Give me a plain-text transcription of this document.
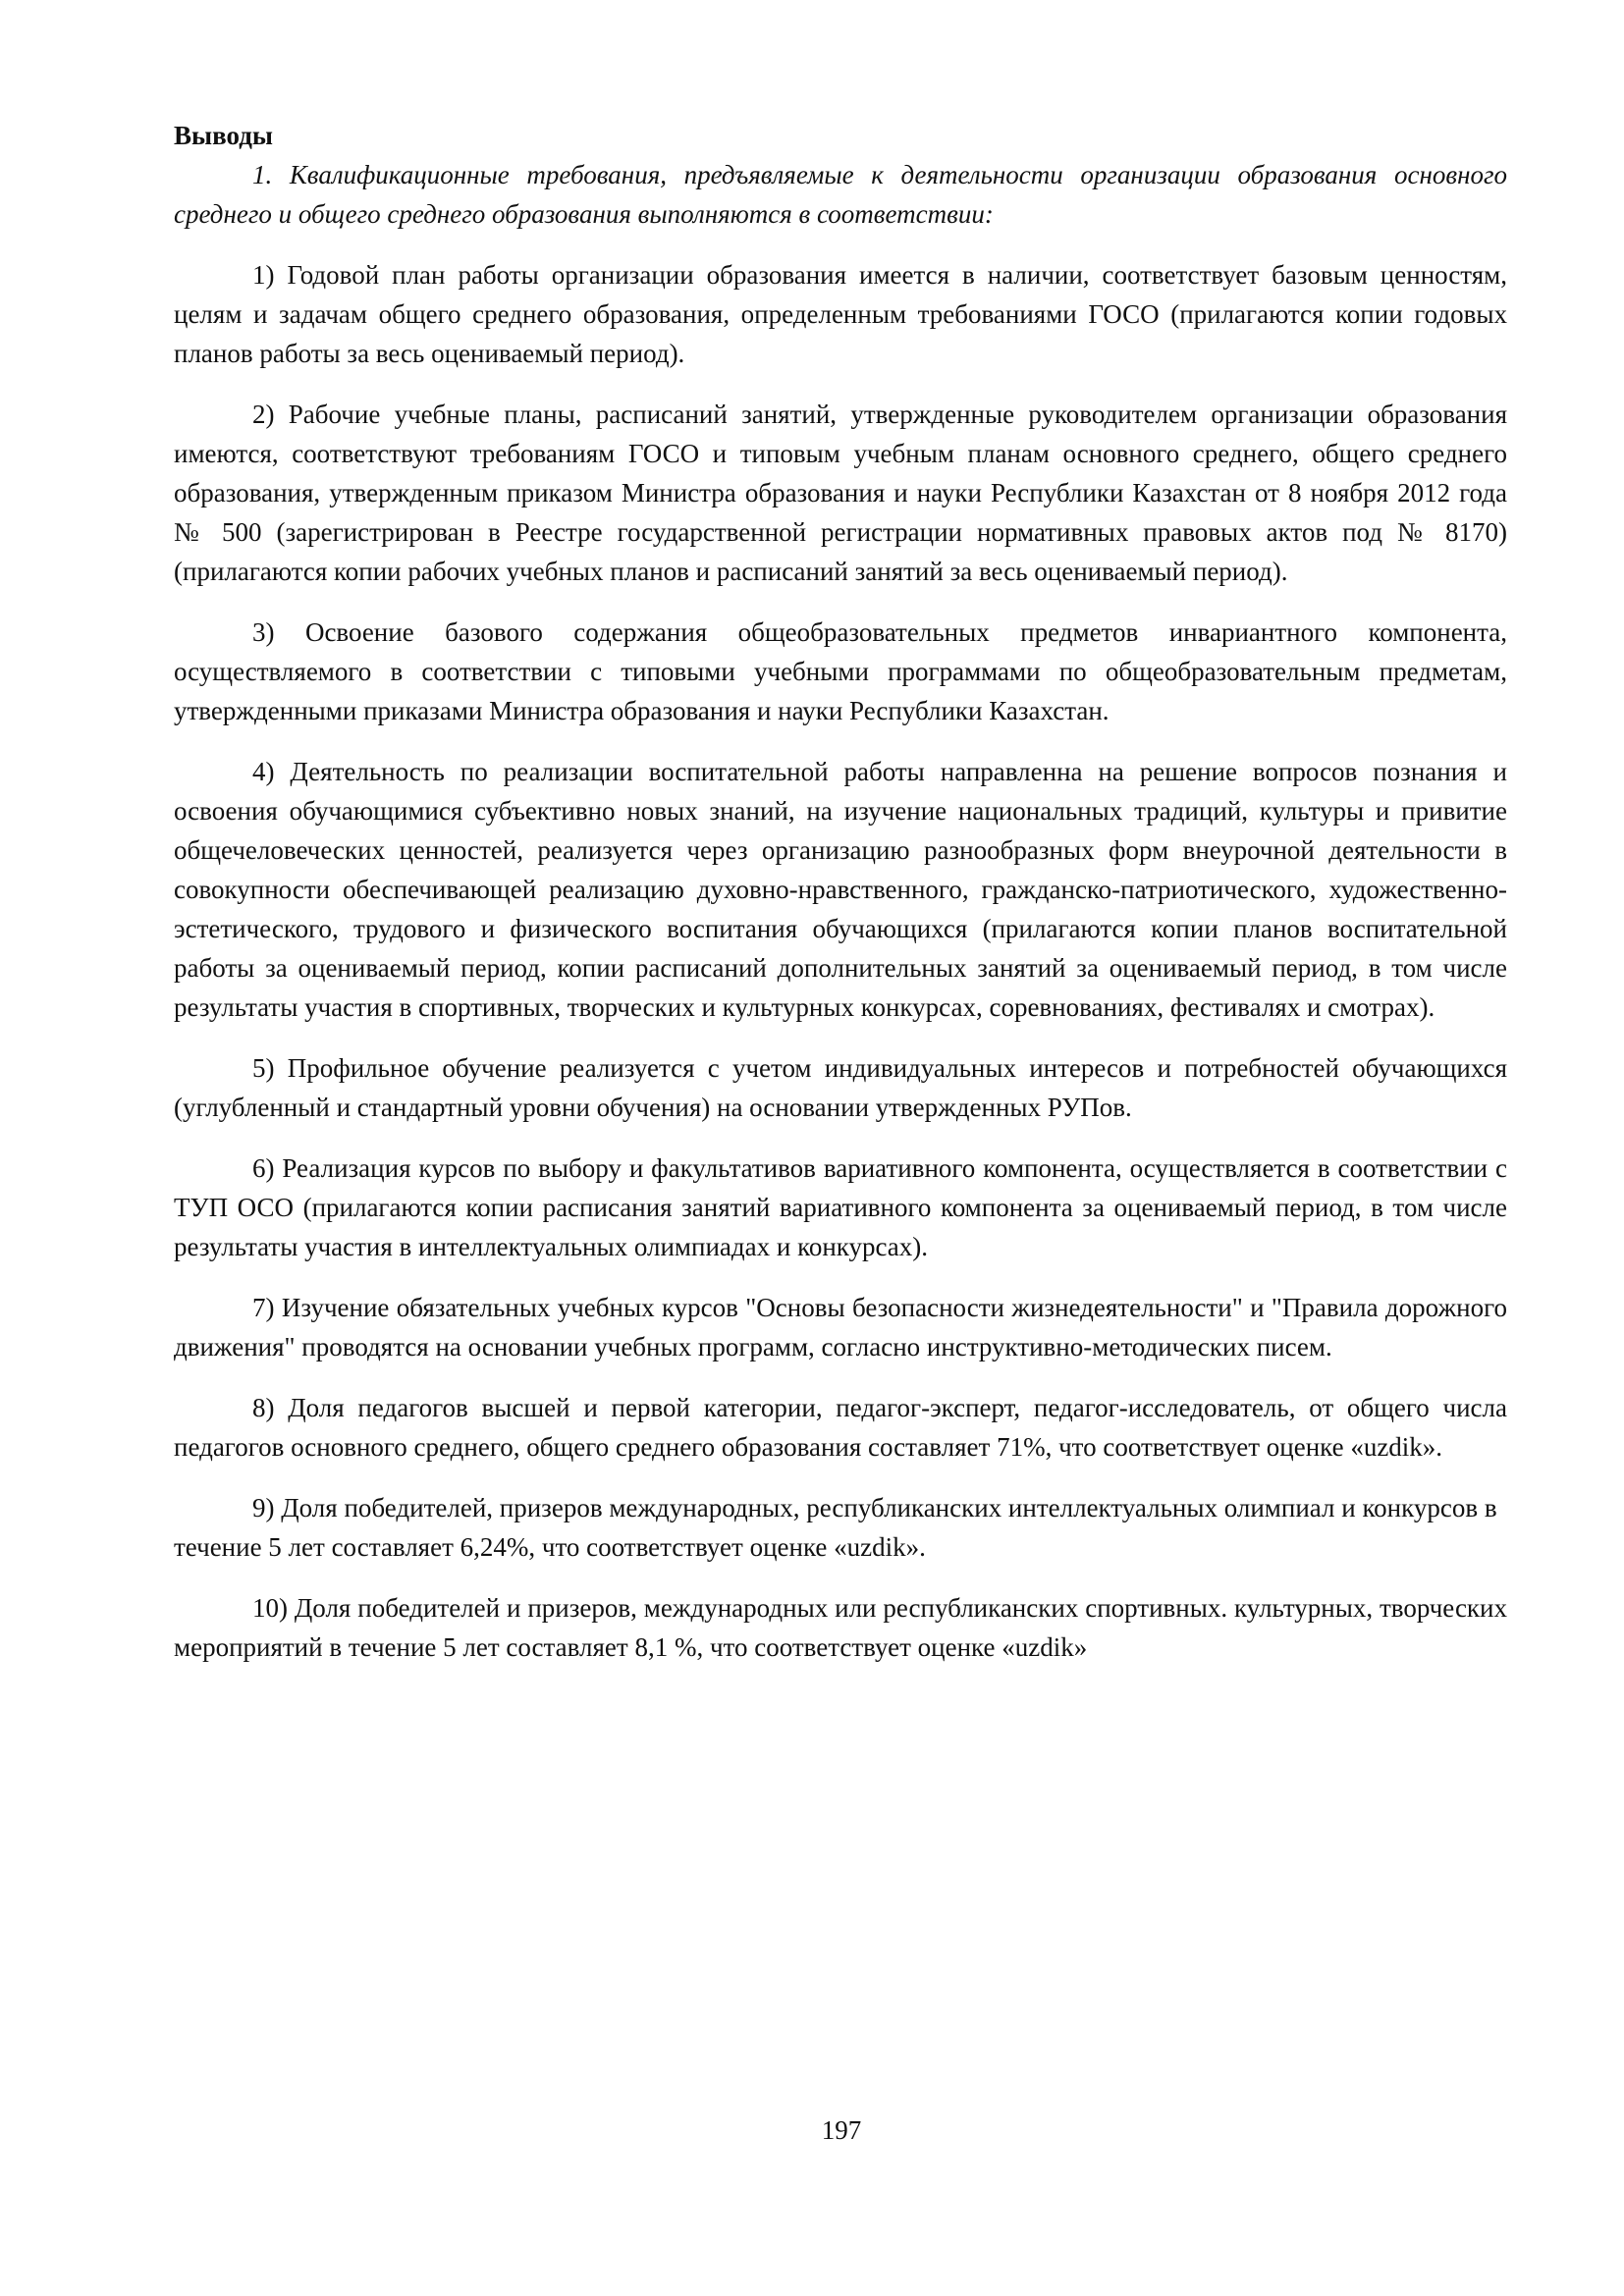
Выводы

1. Квалификационные требования, предъявляемые к деятельности организации образования основного среднего и общего среднего образования выполняются в соответствии:

1) Годовой план работы организации образования имеется в наличии, соответствует базовым ценностям, целям и задачам общего среднего образования, определенным требованиями ГОСО (прилагаются копии годовых планов работы за весь оцениваемый период).

2) Рабочие учебные планы, расписаний занятий, утвержденные руководителем организации образования имеются, соответствуют требованиям ГОСО и типовым учебным планам основного среднего, общего среднего образования, утвержденным приказом Министра образования и науки Республики Казахстан от 8 ноября 2012 года № 500 (зарегистрирован в Реестре государственной регистрации нормативных правовых актов под № 8170) (прилагаются копии рабочих учебных планов и расписаний занятий за весь оцениваемый период).

3) Освоение базового содержания общеобразовательных предметов инвариантного компонента, осуществляемого в соответствии с типовыми учебными программами по общеобразовательным предметам, утвержденными приказами Министра образования и науки Республики Казахстан.

4) Деятельность по реализации воспитательной работы направленна на решение вопросов познания и освоения обучающимися субъективно новых знаний, на изучение национальных традиций, культуры и привитие общечеловеческих ценностей, реализуется через организацию разнообразных форм внеурочной деятельности в совокупности обеспечивающей реализацию духовно-нравственного, гражданско-патриотического, художественно-эстетического, трудового и физического воспитания обучающихся (прилагаются копии планов воспитательной работы за оцениваемый период, копии расписаний дополнительных занятий за оцениваемый период, в том числе результаты участия в спортивных, творческих и культурных конкурсах, соревнованиях, фестивалях и смотрах).

5) Профильное обучение реализуется с учетом индивидуальных интересов и потребностей обучающихся (углубленный и стандартный уровни обучения) на основании утвержденных РУПов.

6) Реализация курсов по выбору и факультативов вариативного компонента, осуществляется в соответствии с ТУП ОСО (прилагаются копии расписания занятий вариативного компонента за оцениваемый период, в том числе результаты участия в интеллектуальных олимпиадах и конкурсах).

7) Изучение обязательных учебных курсов "Основы безопасности жизнедеятельности" и "Правила дорожного движения" проводятся на основании учебных программ, согласно инструктивно-методических писем.

8) Доля педагогов высшей и первой категории, педагог-эксперт, педагог-исследователь, от общего числа педагогов основного среднего, общего среднего образования составляет 71%, что соответствует оценке «uzdik».

9) Доля победителей, призеров международных, республиканских интеллектуальных олимпиал и конкурсов в течение 5 лет составляет 6,24%, что соответствует оценке «uzdik».

10) Доля победителей и призеров, международных или республиканских спортивных. культурных, творческих мероприятий в течение 5 лет составляет 8,1 %, что соответствует оценке «uzdik»

197
